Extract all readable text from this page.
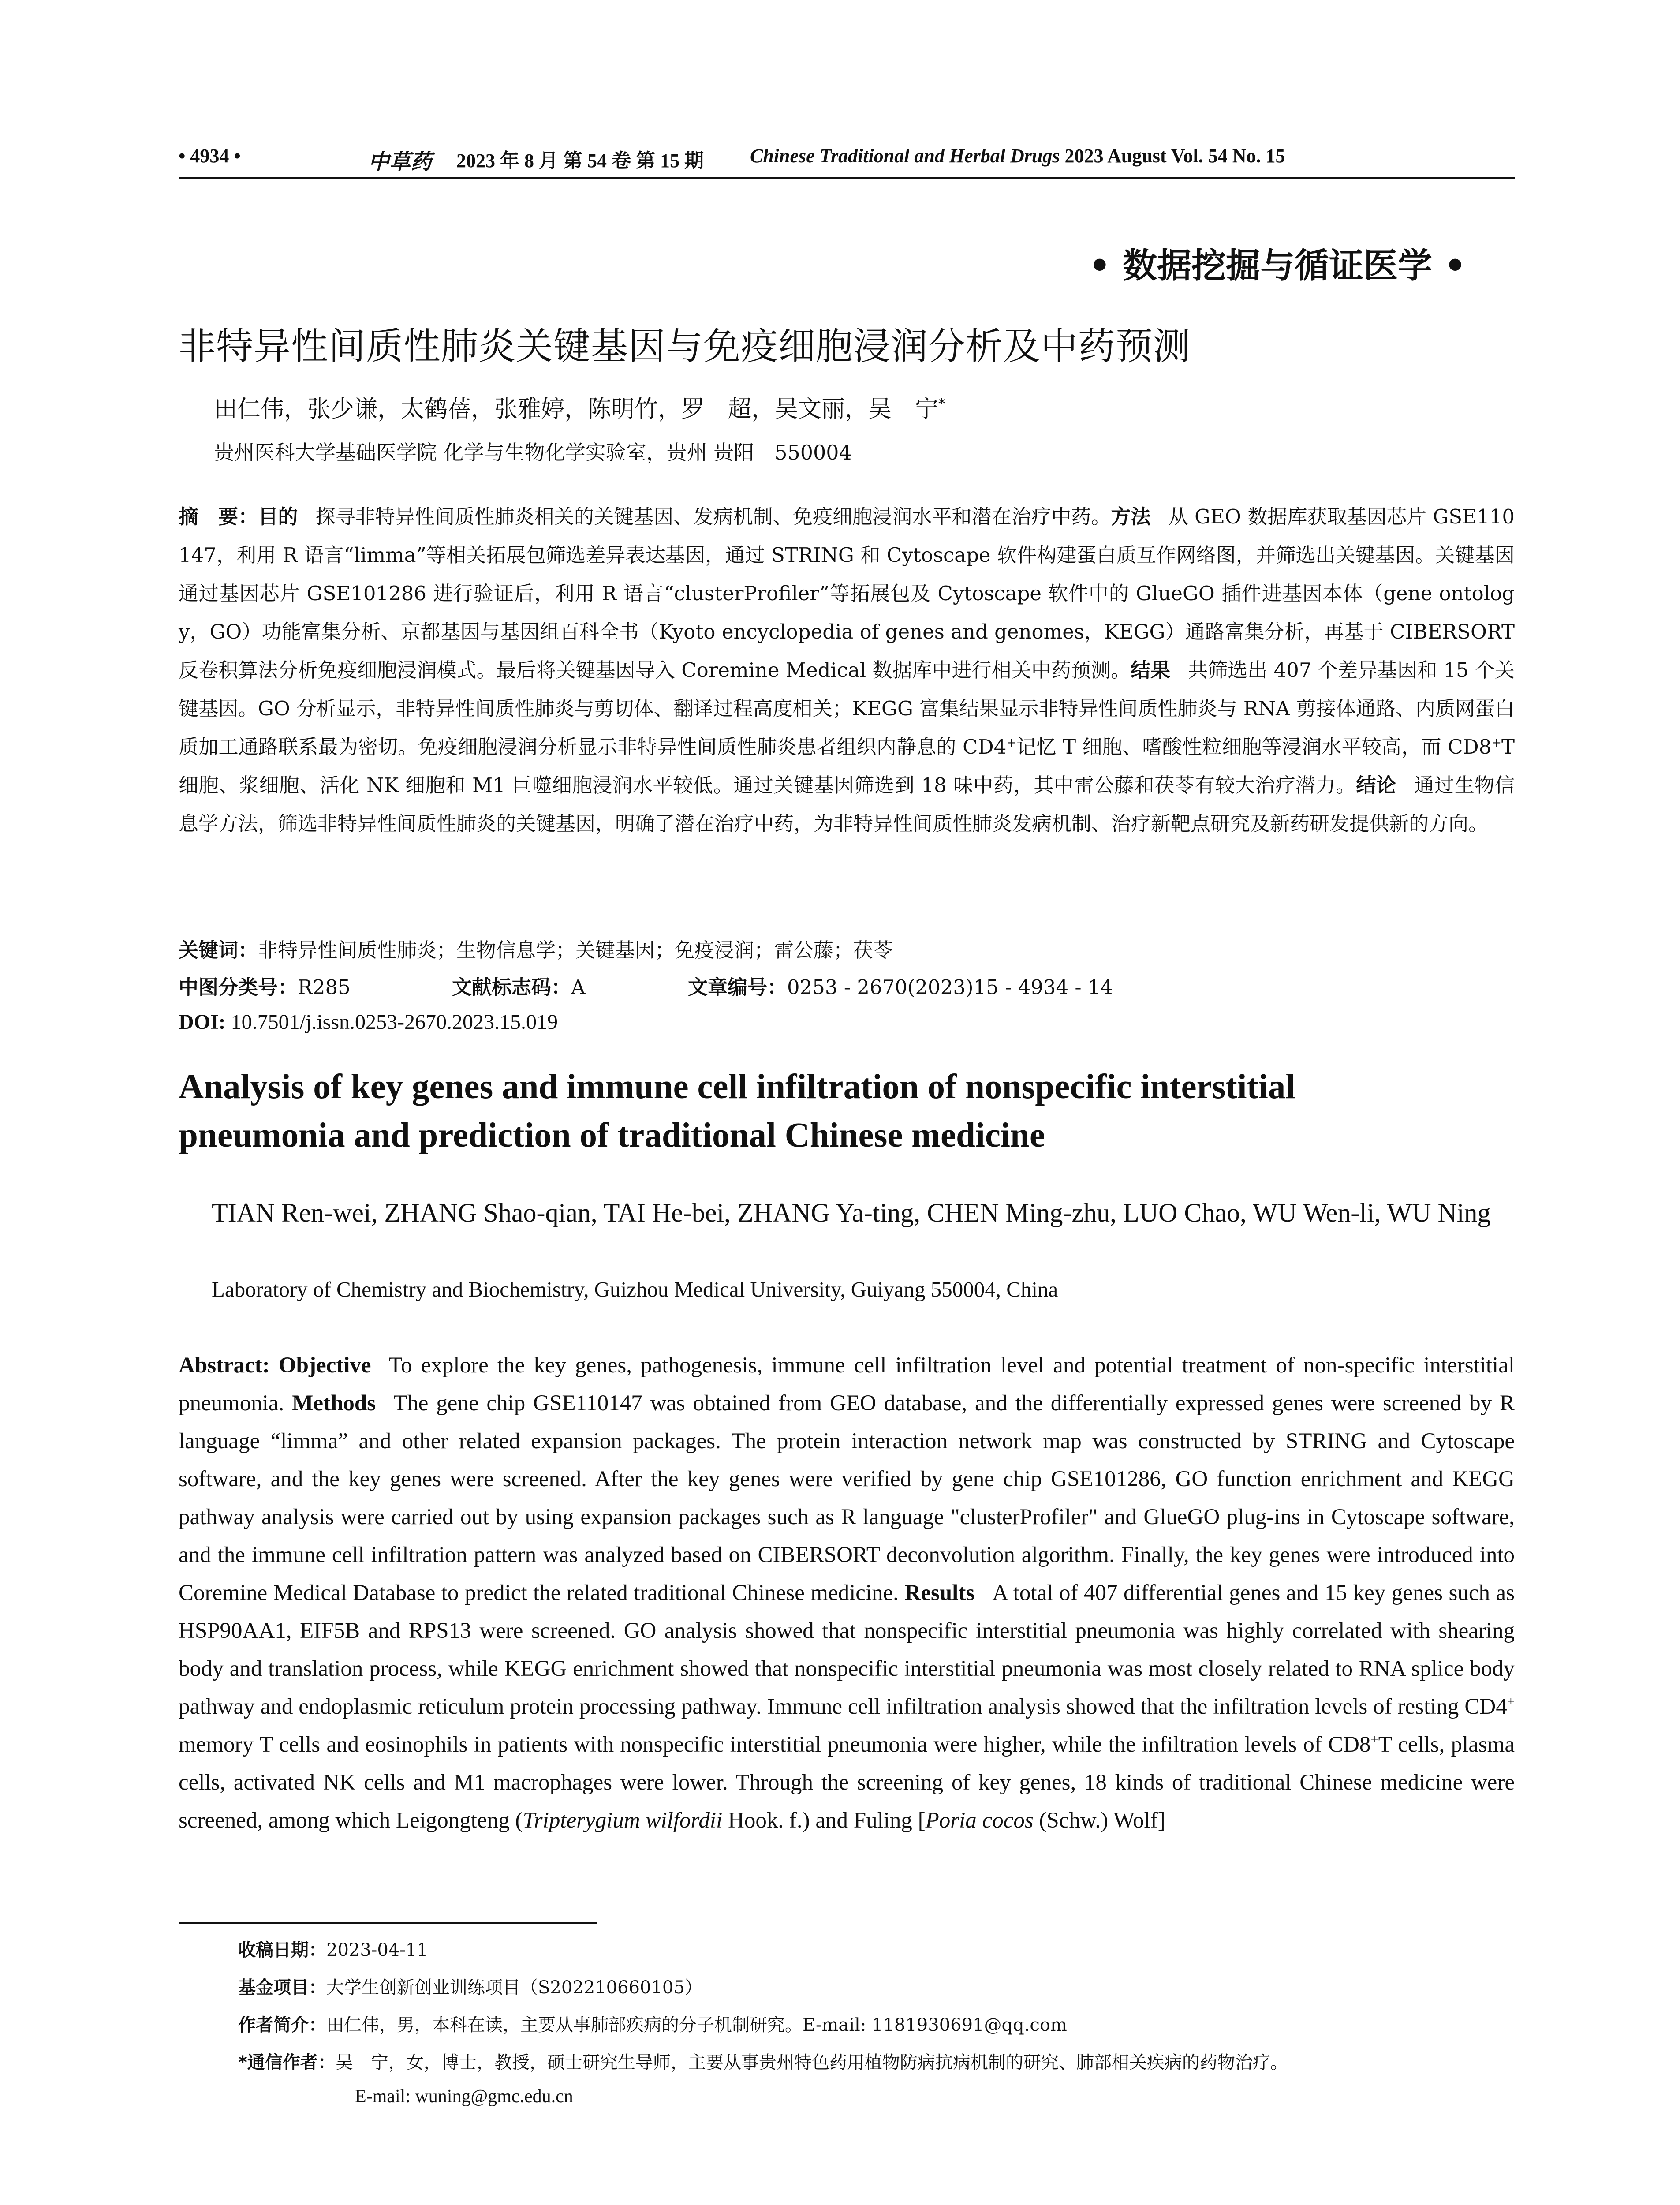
• 4934 •	中草药 2023 年 8 月 第 54 卷 第 15 期 Chinese Traditional and Herbal Drugs 2023 August Vol. 54 No. 15
• 数据挖掘与循证医学 •
非特异性间质性肺炎关键基因与免疫细胞浸润分析及中药预测
田仁伟，张少谦，太鹤蓓，张雅婷，陈明竹，罗　超，吴文丽，吴　宁*
贵州医科大学基础医学院 化学与生物化学实验室，贵州 贵阳　550004
摘　要：目的 探寻非特异性间质性肺炎相关的关键基因、发病机制、免疫细胞浸润水平和潜在治疗中药。方法 从 GEO 数据库获取基因芯片 GSE110147，利用 R 语言“limma”等相关拓展包筛选差异表达基因，通过 STRING 和 Cytoscape 软件构建蛋白质互作网络图，并筛选出关键基因。关键基因通过基因芯片 GSE101286 进行验证后，利用 R 语言“clusterProfiler”等拓展包及 Cytoscape 软件中的 GlueGO 插件进基因本体（gene ontology，GO）功能富集分析、京都基因与基因组百科全书（Kyoto encyclopedia of genes and genomes，KEGG）通路富集分析，再基于 CIBERSORT 反卷积算法分析免疫细胞浸润模式。最后将关键基因导入 Coremine Medical 数据库中进行相关中药预测。结果 共筛选出 407 个差异基因和 15 个关键基因。GO 分析显示，非特异性间质性肺炎与剪切体、翻译过程高度相关；KEGG 富集结果显示非特异性间质性肺炎与 RNA 剪接体通路、内质网蛋白质加工通路联系最为密切。免疫细胞浸润分析显示非特异性间质性肺炎患者组织内静息的 CD4+记忆 T 细胞、嗜酸性粒细胞等浸润水平较高，而 CD8+T 细胞、浆细胞、活化 NK 细胞和 M1 巨噬细胞浸润水平较低。通过关键基因筛选到 18 味中药，其中雷公藤和茯苓有较大治疗潜力。结论 通过生物信息学方法，筛选非特异性间质性肺炎的关键基因，明确了潜在治疗中药，为非特异性间质性肺炎发病机制、治疗新靶点研究及新药研发提供新的方向。
关键词：非特异性间质性肺炎；生物信息学；关键基因；免疫浸润；雷公藤；茯苓
中图分类号：R285	文献标志码：A	文章编号：0253 - 2670(2023)15 - 4934 - 14
DOI: 10.7501/j.issn.0253-2670.2023.15.019
Analysis of key genes and immune cell infiltration of nonspecific interstitial
pneumonia and prediction of traditional Chinese medicine
TIAN Ren-wei, ZHANG Shao-qian, TAI He-bei, ZHANG Ya-ting, CHEN Ming-zhu, LUO Chao, WU Wen-li, WU Ning
Laboratory of Chemistry and Biochemistry, Guizhou Medical University, Guiyang 550004, China
Abstract: Objective To explore the key genes, pathogenesis, immune cell infiltration level and potential treatment of non-specific interstitial pneumonia. Methods The gene chip GSE110147 was obtained from GEO database, and the differentially expressed genes were screened by R language “limma” and other related expansion packages. The protein interaction network map was constructed by STRING and Cytoscape software, and the key genes were screened. After the key genes were verified by gene chip GSE101286, GO function enrichment and KEGG pathway analysis were carried out by using expansion packages such as R language "clusterProfiler" and GlueGO plug-ins in Cytoscape software, and the immune cell infiltration pattern was analyzed based on CIBERSORT deconvolution algorithm. Finally, the key genes were introduced into Coremine Medical Database to predict the related traditional Chinese medicine. Results A total of 407 differential genes and 15 key genes such as HSP90AA1, EIF5B and RPS13 were screened. GO analysis showed that nonspecific interstitial pneumonia was highly correlated with shearing body and translation process, while KEGG enrichment showed that nonspecific interstitial pneumonia was most closely related to RNA splice body pathway and endoplasmic reticulum protein processing pathway. Immune cell infiltration analysis showed that the infiltration levels of resting CD4+ memory T cells and eosinophils in patients with nonspecific interstitial pneumonia were higher, while the infiltration levels of CD8+T cells, plasma cells, activated NK cells and M1 macrophages were lower. Through the screening of key genes, 18 kinds of traditional Chinese medicine were screened, among which Leigongteng (Tripterygium wilfordii Hook. f.) and Fuling [Poria cocos (Schw.) Wolf]
收稿日期：2023-04-11
基金项目：大学生创新创业训练项目（S202210660105）
作者简介：田仁伟，男，本科在读，主要从事肺部疾病的分子机制研究。E-mail: 1181930691@qq.com
*通信作者：吴　宁，女，博士，教授，硕士研究生导师，主要从事贵州特色药用植物防病抗病机制的研究、肺部相关疾病的药物治疗。
E-mail: wuning@gmc.edu.cn
